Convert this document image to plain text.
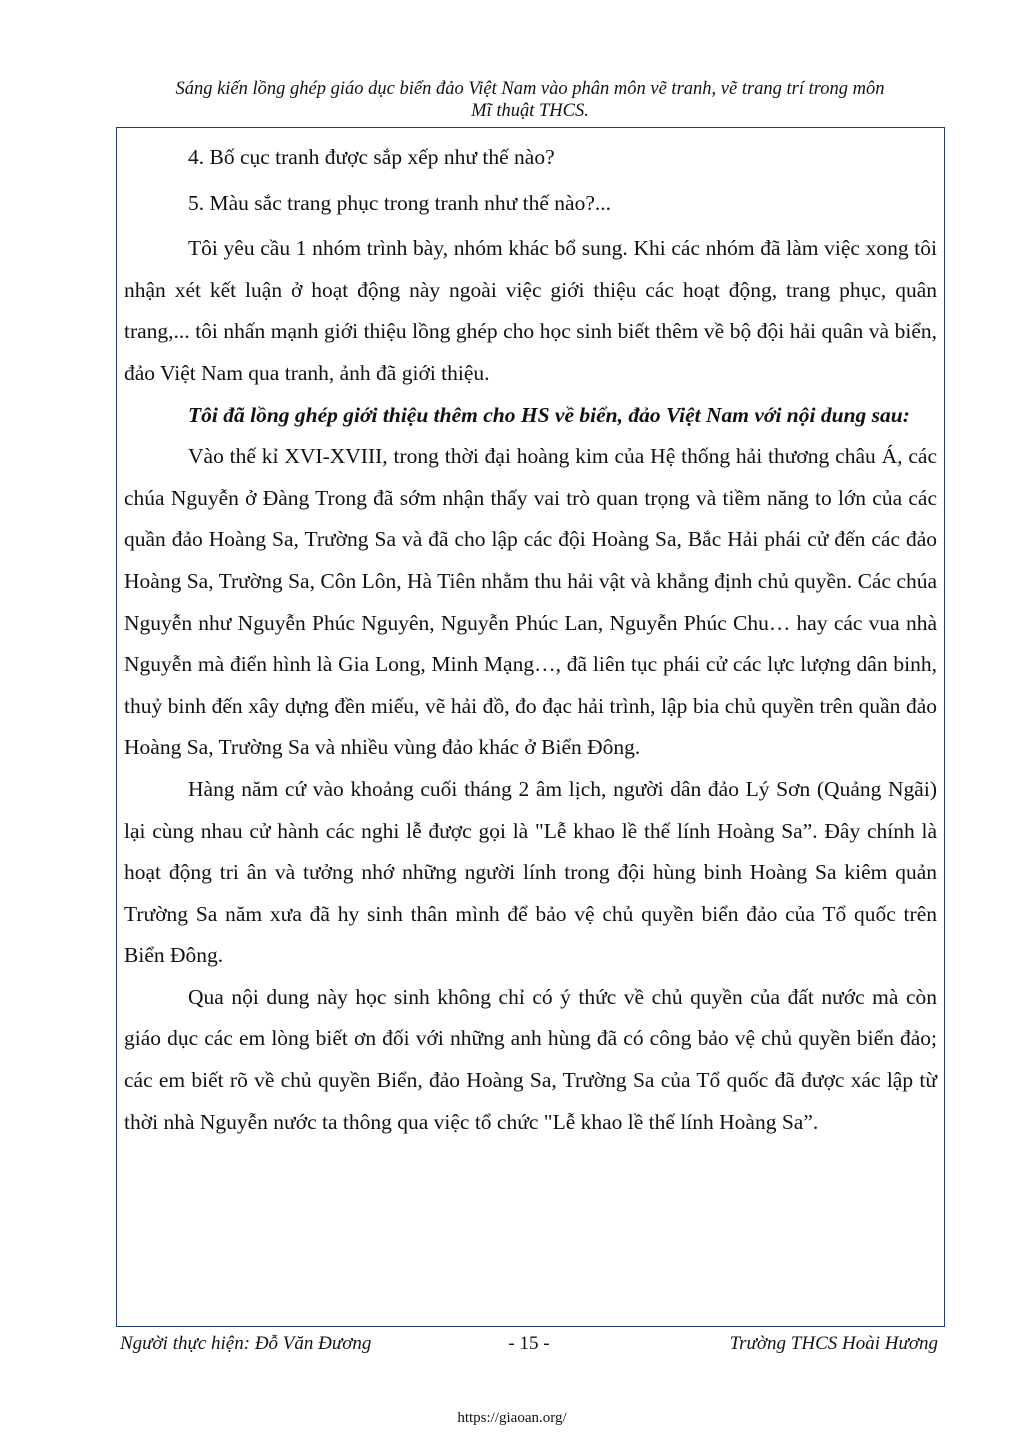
Sáng kiến lồng ghép giáo dục biển đảo Việt Nam vào phân môn vẽ tranh, vẽ trang trí trong môn
Mĩ thuật THCS.

4. Bố cục tranh được sắp xếp như thế nào?

5. Màu sắc trang phục trong tranh như thế nào?...

Tôi yêu cầu 1 nhóm trình bày, nhóm khác bổ sung. Khi các nhóm đã làm việc xong tôi nhận xét kết luận ở hoạt động này ngoài việc giới thiệu các hoạt động, trang phục, quân trang,... tôi nhấn mạnh giới thiệu lồng ghép cho học sinh biết thêm về bộ đội hải quân và biển, đảo Việt Nam qua tranh, ảnh đã giới thiệu.

Tôi đã lồng ghép giới thiệu thêm cho HS về biển, đảo Việt Nam với nội dung sau:

Vào thế kỉ XVI-XVIII, trong thời đại hoàng kim của Hệ thống hải thương châu Á, các chúa Nguyễn ở Đàng Trong đã sớm nhận thấy vai trò quan trọng và tiềm năng to lớn của các quần đảo Hoàng Sa, Trường Sa và đã cho lập các đội Hoàng Sa, Bắc Hải phái cử đến các đảo Hoàng Sa, Trường Sa, Côn Lôn, Hà Tiên nhằm thu hải vật và khẳng định chủ quyền. Các chúa Nguyễn như Nguyễn Phúc Nguyên, Nguyễn Phúc Lan, Nguyễn Phúc Chu… hay các vua nhà Nguyễn mà điển hình là Gia Long, Minh Mạng…, đã liên tục phái cử các lực lượng dân binh, thuỷ binh đến xây dựng đền miếu, vẽ hải đồ, đo đạc hải trình, lập bia chủ quyền trên quần đảo Hoàng Sa, Trường Sa và nhiều vùng đảo khác ở Biển Đông.

Hàng năm cứ vào khoảng cuối tháng 2 âm lịch, người dân đảo Lý Sơn (Quảng Ngãi) lại cùng nhau cử hành các nghi lễ được gọi là "Lễ khao lề thế lính Hoàng Sa”. Đây chính là hoạt động tri ân và tưởng nhớ những người lính trong đội hùng binh Hoàng Sa kiêm quản Trường Sa năm xưa đã hy sinh thân mình để bảo vệ chủ quyền biển đảo của Tổ quốc trên Biển Đông.

Qua nội dung này học sinh không chỉ có ý thức về chủ quyền của đất nước mà còn giáo dục các em lòng biết ơn đối với những anh hùng đã có công bảo vệ chủ quyền biển đảo; các em biết rõ về chủ quyền Biển, đảo Hoàng Sa, Trường Sa của Tổ quốc đã được xác lập từ thời nhà Nguyễn nước ta thông qua việc tổ chức "Lễ khao lề thế lính Hoàng Sa”.

- 15 -
Người thực hiện: Đỗ Văn Đương	Trường THCS Hoài Hương
https://giaoan.org/
